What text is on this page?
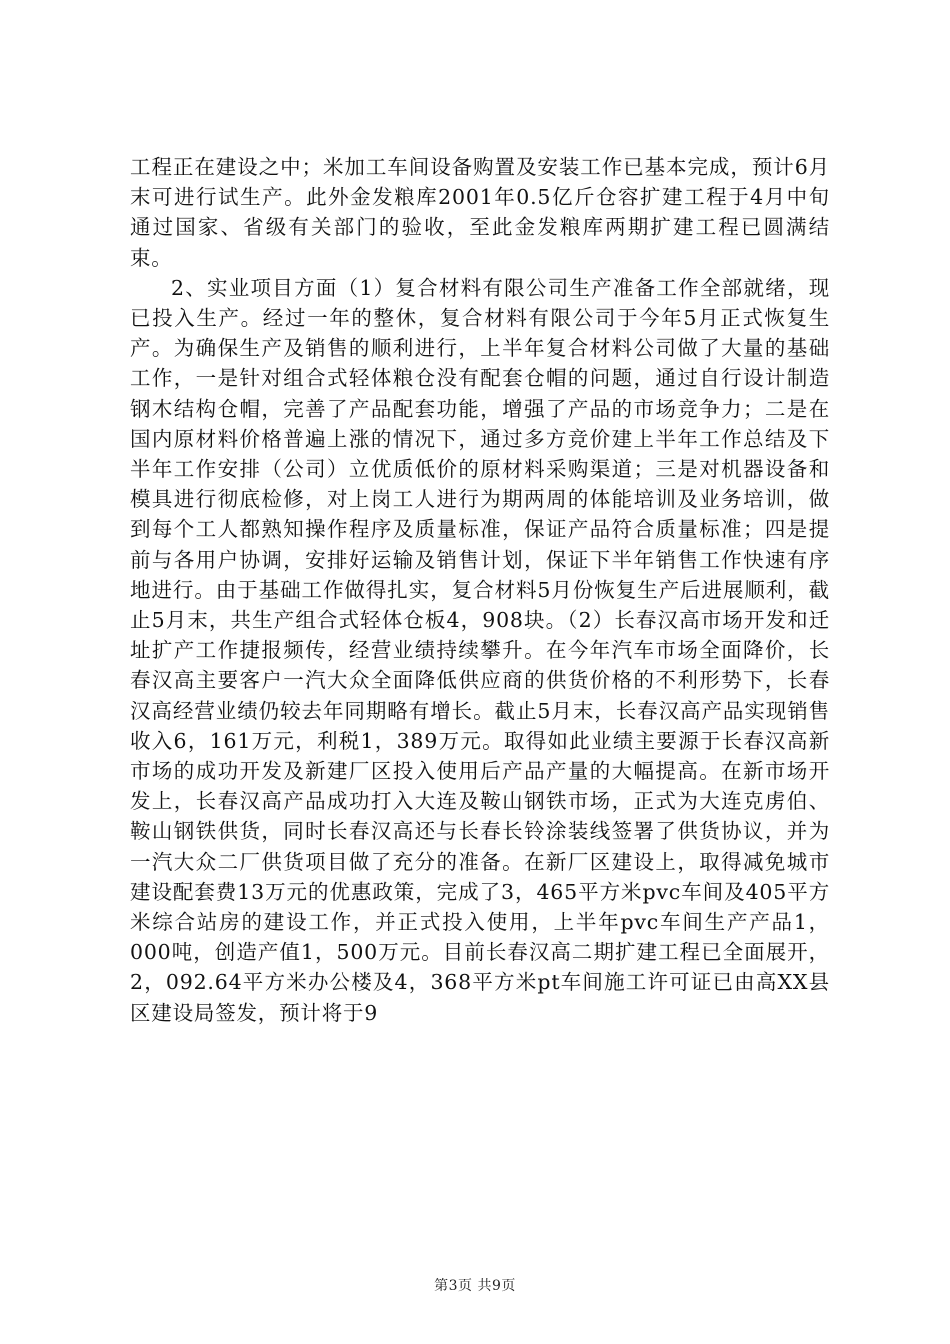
工程正在建设之中；米加工车间设备购置及安装工作已基本完成，预计6月末可进行试生产。此外金发粮库2001年0.5亿斤仓容扩建工程于4月中旬通过国家、省级有关部门的验收，至此金发粮库两期扩建工程已圆满结束。

2、实业项目方面（1）复合材料有限公司生产准备工作全部就绪，现已投入生产。经过一年的整休，复合材料有限公司于今年5月正式恢复生产。为确保生产及销售的顺利进行，上半年复合材料公司做了大量的基础工作，一是针对组合式轻体粮仓没有配套仓帽的问题，通过自行设计制造钢木结构仓帽，完善了产品配套功能，增强了产品的市场竞争力；二是在国内原材料价格普遍上涨的情况下，通过多方竞价建上半年工作总结及下半年工作安排（公司）立优质低价的原材料采购渠道；三是对机器设备和模具进行彻底检修，对上岗工人进行为期两周的体能培训及业务培训，做到每个工人都熟知操作程序及质量标准，保证产品符合质量标准；四是提前与各用户协调，安排好运输及销售计划，保证下半年销售工作快速有序地进行。由于基础工作做得扎实，复合材料5月份恢复生产后进展顺利，截止5月末，共生产组合式轻体仓板4，908块。（2）长春汉高市场开发和迁址扩产工作捷报频传，经营业绩持续攀升。在今年汽车市场全面降价，长春汉高主要客户一汽大众全面降低供应商的供货价格的不利形势下，长春汉高经营业绩仍较去年同期略有增长。截止5月末，长春汉高产品实现销售收入6，161万元，利税1，389万元。取得如此业绩主要源于长春汉高新市场的成功开发及新建厂区投入使用后产品产量的大幅提高。在新市场开发上，长春汉高产品成功打入大连及鞍山钢铁市场，正式为大连克虏伯、鞍山钢铁供货，同时长春汉高还与长春长铃涂装线签署了供货协议，并为一汽大众二厂供货项目做了充分的准备。在新厂区建设上，取得减免城市建设配套费13万元的优惠政策，完成了3，465平方米pvc车间及405平方米综合站房的建设工作，并正式投入使用，上半年pvc车间生产产品1，000吨，创造产值1，500万元。目前长春汉高二期扩建工程已全面展开，2，092.64平方米办公楼及4，368平方米pt车间施工许可证已由高XX县区建设局签发，预计将于9

第3页 共9页
